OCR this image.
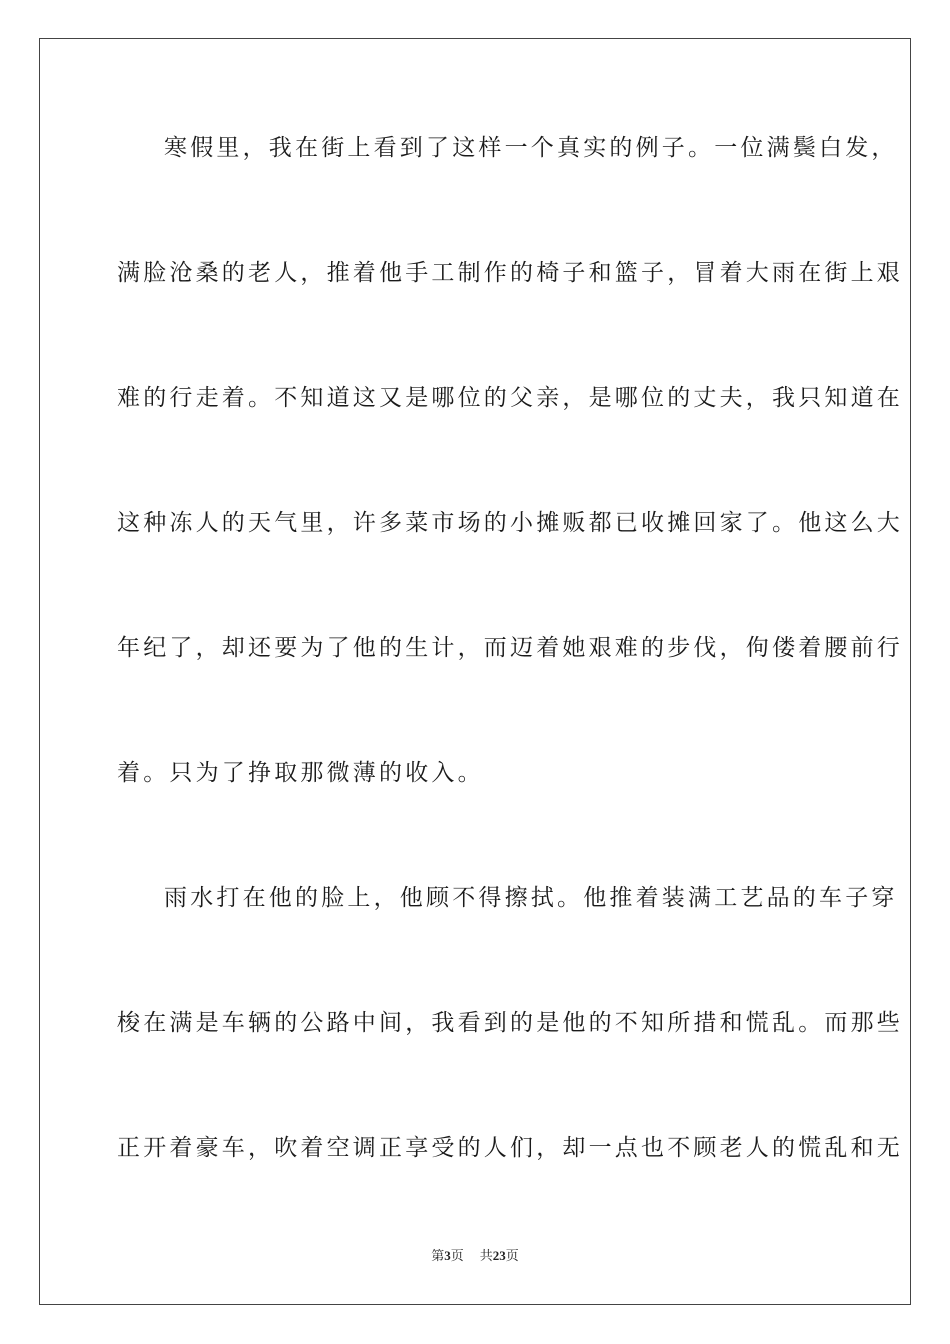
寒假里，我在街上看到了这样一个真实的例子。一位满鬓白发，
满脸沧桑的老人，推着他手工制作的椅子和篮子，冒着大雨在街上艰
难的行走着。不知道这又是哪位的父亲，是哪位的丈夫，我只知道在
这种冻人的天气里，许多菜市场的小摊贩都已收摊回家了。他这么大
年纪了，却还要为了他的生计，而迈着她艰难的步伐，佝偻着腰前行
着。只为了挣取那微薄的收入。
雨水打在他的脸上，他顾不得擦拭。他推着装满工艺品的车子穿
梭在满是车辆的公路中间，我看到的是他的不知所措和慌乱。而那些
正开着豪车，吹着空调正享受的人们，却一点也不顾老人的慌乱和无
第3页 共23页
